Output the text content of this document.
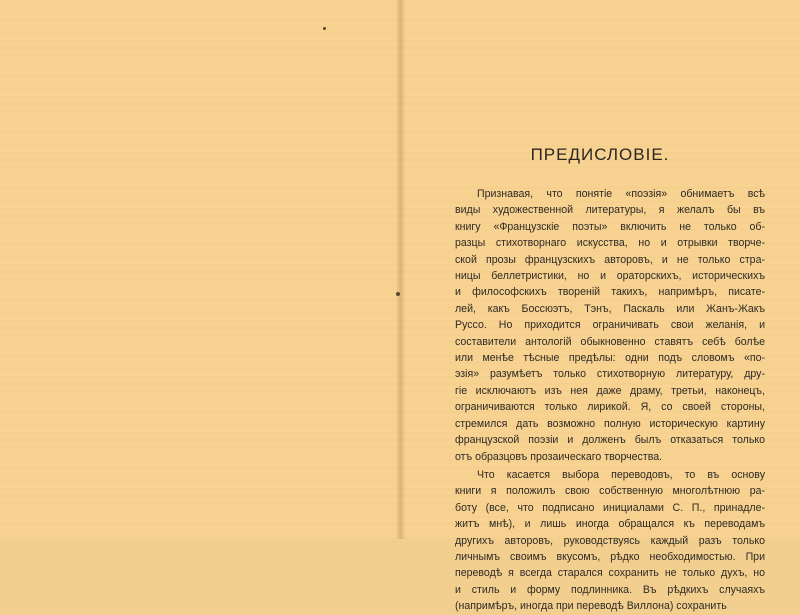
ПРЕДИСЛОВІЕ.
Признавая, что понятіе «поэзія» обнимаетъ всѣ
виды художественной литературы, я желалъ бы въ
книгу «Французскіе поэты» включить не только об-
разцы стихотворнаго искусства, но и отрывки творче-
ской прозы французскихъ авторовъ, и не только стра-
ницы беллетристики, но и ораторскихъ, историческихъ
и философскихъ твореній такихъ, напримѣръ, писате-
лей, какъ Боссюэтъ, Тэнъ, Паскаль или Жанъ-Жакъ
Руссо. Но приходится ограничивать свои желанія, и
составители антологій обыкновенно ставятъ себѣ болѣе
или менѣе тѣсные предѣлы: одни подъ словомъ «по-
эзія» разумѣетъ только стихотворную литературу, дру-
гіе исключаютъ изъ нея даже драму, третьи, наконецъ,
ограничиваются только лирикой. Я, со своей стороны,
стремился дать возможно полную историческую картину
французской поэзіи и долженъ былъ отказаться только
отъ образцовъ прозаическаго творчества.
Что касается выбора переводовъ, то въ основу
книги я положилъ свою собственную многолѣтнюю ра-
боту (все, что подписано инициалами С. П., принадле-
житъ мнѣ), и лишь иногда обращался къ переводамъ
другихъ авторовъ, руководствуясь каждый разъ только
личнымъ своимъ вкусомъ, рѣдко необходимостью. При
переводѣ я всегда старался сохранить не только духъ, но
и стиль и форму подлинника. Въ рѣдкихъ случаяхъ
(напримѣръ, иногда при переводѣ Виллона) сохранить
